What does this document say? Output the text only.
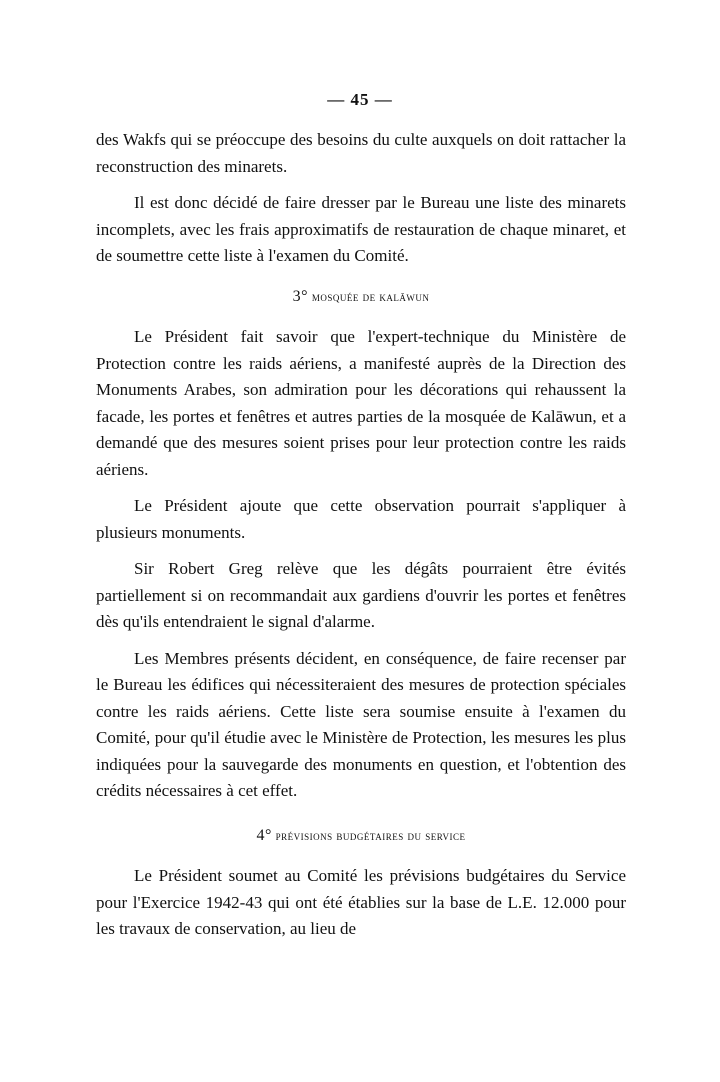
— 45 —

des Wakfs qui se préoccupe des besoins du culte auxquels on doit rattacher la reconstruction des minarets.

Il est donc décidé de faire dresser par le Bureau une liste des minarets incomplets, avec les frais approximatifs de restauration de chaque minaret, et de soumettre cette liste à l'examen du Comité.

3° mosquée de kalāwun

Le Président fait savoir que l'expert-technique du Ministère de Protection contre les raids aériens, a manifesté auprès de la Direction des Monuments Arabes, son admiration pour les décorations qui rehaussent la facade, les portes et fenêtres et autres parties de la mosquée de Kalāwun, et a demandé que des mesures soient prises pour leur protection contre les raids aériens.

Le Président ajoute que cette observation pourrait s'appliquer à plusieurs monuments.

Sir Robert Greg relève que les dégâts pourraient être évités partiellement si on recommandait aux gardiens d'ouvrir les portes et fenêtres dès qu'ils entendraient le signal d'alarme.

Les Membres présents décident, en conséquence, de faire recenser par le Bureau les édifices qui nécessiteraient des mesures de protection spéciales contre les raids aériens. Cette liste sera soumise ensuite à l'examen du Comité, pour qu'il étudie avec le Ministère de Protection, les mesures les plus indiquées pour la sauvegarde des monuments en question, et l'obtention des crédits nécessaires à cet effet.

4° prévisions budgétaires du service

Le Président soumet au Comité les prévisions budgétaires du Service pour l'Exercice 1942-43 qui ont été établies sur la base de L.E. 12.000 pour les travaux de conservation, au lieu de
